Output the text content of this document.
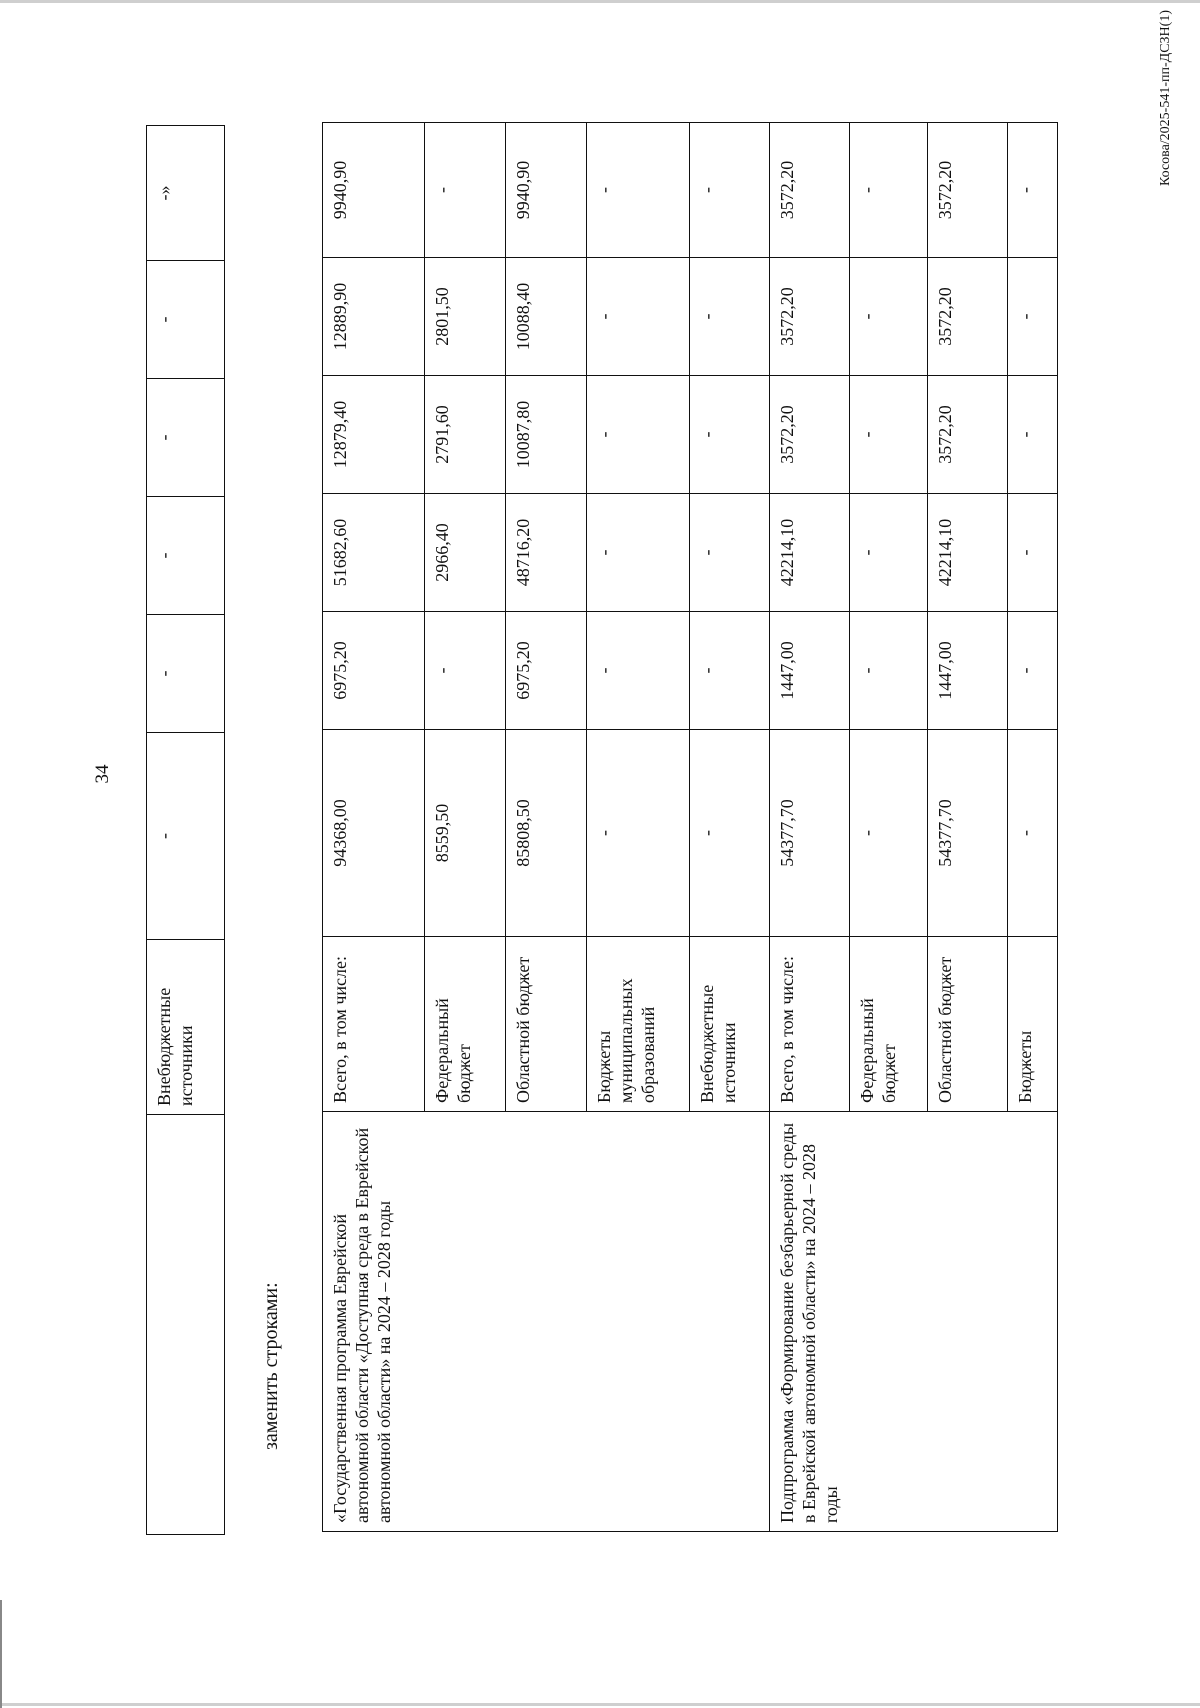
34
Косова/2025-541-пп-ДСЗН(1)
	Внебюджетные источники	-	-	-	-	-	-»
заменить строками:	«Государственная программа Еврейской автономной области «Доступная среда в Еврейской автономной области» на 2024 – 2028 годы	Всего, в том числе:	94368,00	6975,20	51682,60	12879,40	12889,90	9940,90
	Федеральный бюджет	8559,50	-	2966,40	2791,60	2801,50	-
	Областной бюджет	85808,50	6975,20	48716,20	10087,80	10088,40	9940,90
	Бюджеты муниципальных образований	-	-	-	-	-	-
	Внебюджетные источники	-	-	-	-	-	-
Подпрограмма «Формирование безбарьерной среды в Еврейской автономной области» на 2024 – 2028 годы	Всего, в том числе:	54377,70	1447,00	42214,10	3572,20	3572,20	3572,20
	Федеральный бюджет	-	-	-	-	-	-
	Областной бюджет	54377,70	1447,00	42214,10	3572,20	3572,20	3572,20
	Бюджеты	-	-	-	-	-	-
